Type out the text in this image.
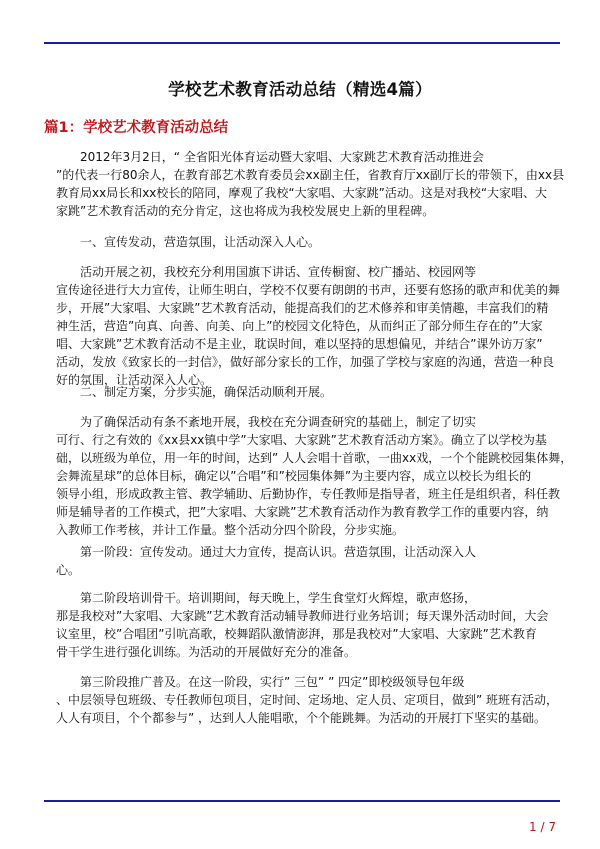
学校艺术教育活动总结（精选4篇）
篇1：学校艺术教育活动总结
　　2012年3月2日，“ 全省阳光体育运动暨大家唱、大家跳艺术教育活动推进会
”的代表一行80余人，在教育部艺术教育委员会xx副主任，省教育厅xx副厅长的带领下，由xx县
教育局xx局长和xx校长的陪同，摩观了我校“大家唱、大家跳”活动。这是对我校“大家唱、大
家跳”艺术教育活动的充分肯定，这也将成为我校发展史上新的里程碑。
　　一、宣传发动，营造氛围，让活动深入人心。
　　活动开展之初，我校充分利用国旗下讲话、宣传橱窗、校广播站、校园网等
宣传途径进行大力宣传，让师生明白，学校不仅要有朗朗的书声，还要有悠扬的歌声和优美的舞
步，开展”大家唱、大家跳”艺术教育活动，能提高我们的艺术修养和审美情趣，丰富我们的精
神生活，营造”向真、向善、向美、向上”的校园文化特色，从而纠正了部分师生存在的”大家
唱、大家跳”艺术教育活动不是主业，耽误时间，难以坚持的思想偏见，并结合”课外访万家”
活动，发放《致家长的一封信》，做好部分家长的工作，加强了学校与家庭的沟通，营造一种良
好的氛围，让活动深入人心。
　　二、制定方案，分步实施，确保活动顺利开展。
　　为了确保活动有条不紊地开展，我校在充分调查研究的基础上，制定了切实
可行、行之有效的《xx县xx镇中学”大家唱、大家跳”艺术教育活动方案》。确立了以学校为基
础，以班级为单位，用一年的时间，达到” 人人会唱十首歌，一曲xx戏，一个个能跳校园集体舞，
会舞流星球”的总体目标，确定以”合唱”和”校园集体舞”为主要内容，成立以校长为组长的
领导小组，形成政教主管、教学辅助、后勤协作，专任教师是指导者，班主任是组织者，科任教
师是辅导者的工作模式，把”大家唱、大家跳”艺术教育活动作为教育教学工作的重要内容，纳
入教师工作考核，并计工作量。整个活动分四个阶段，分步实施。
　　第一阶段：宣传发动。通过大力宣传，提高认识。营造氛围，让活动深入人
心。
　　第二阶段培训骨干。培训期间，每天晚上，学生食堂灯火辉煌，歌声悠扬，
那是我校对”大家唱、大家跳”艺术教育活动辅导教师进行业务培训；每天课外活动时间，大会
议室里，校”合唱团”引吭高歌，校舞蹈队激情澎湃，那是我校对”大家唱、大家跳”艺术教育
骨干学生进行强化训练。为活动的开展做好充分的准备。
　　第三阶段推广普及。在这一阶段，实行” 三包” ” 四定”即校级领导包年级
、中层领导包班级、专任教师包项目，定时间、定场地、定人员、定项目，做到” 班班有活动，
人人有项目，个个都参与” ，达到人人能唱歌，个个能跳舞。为活动的开展打下坚实的基础。
1 / 7
